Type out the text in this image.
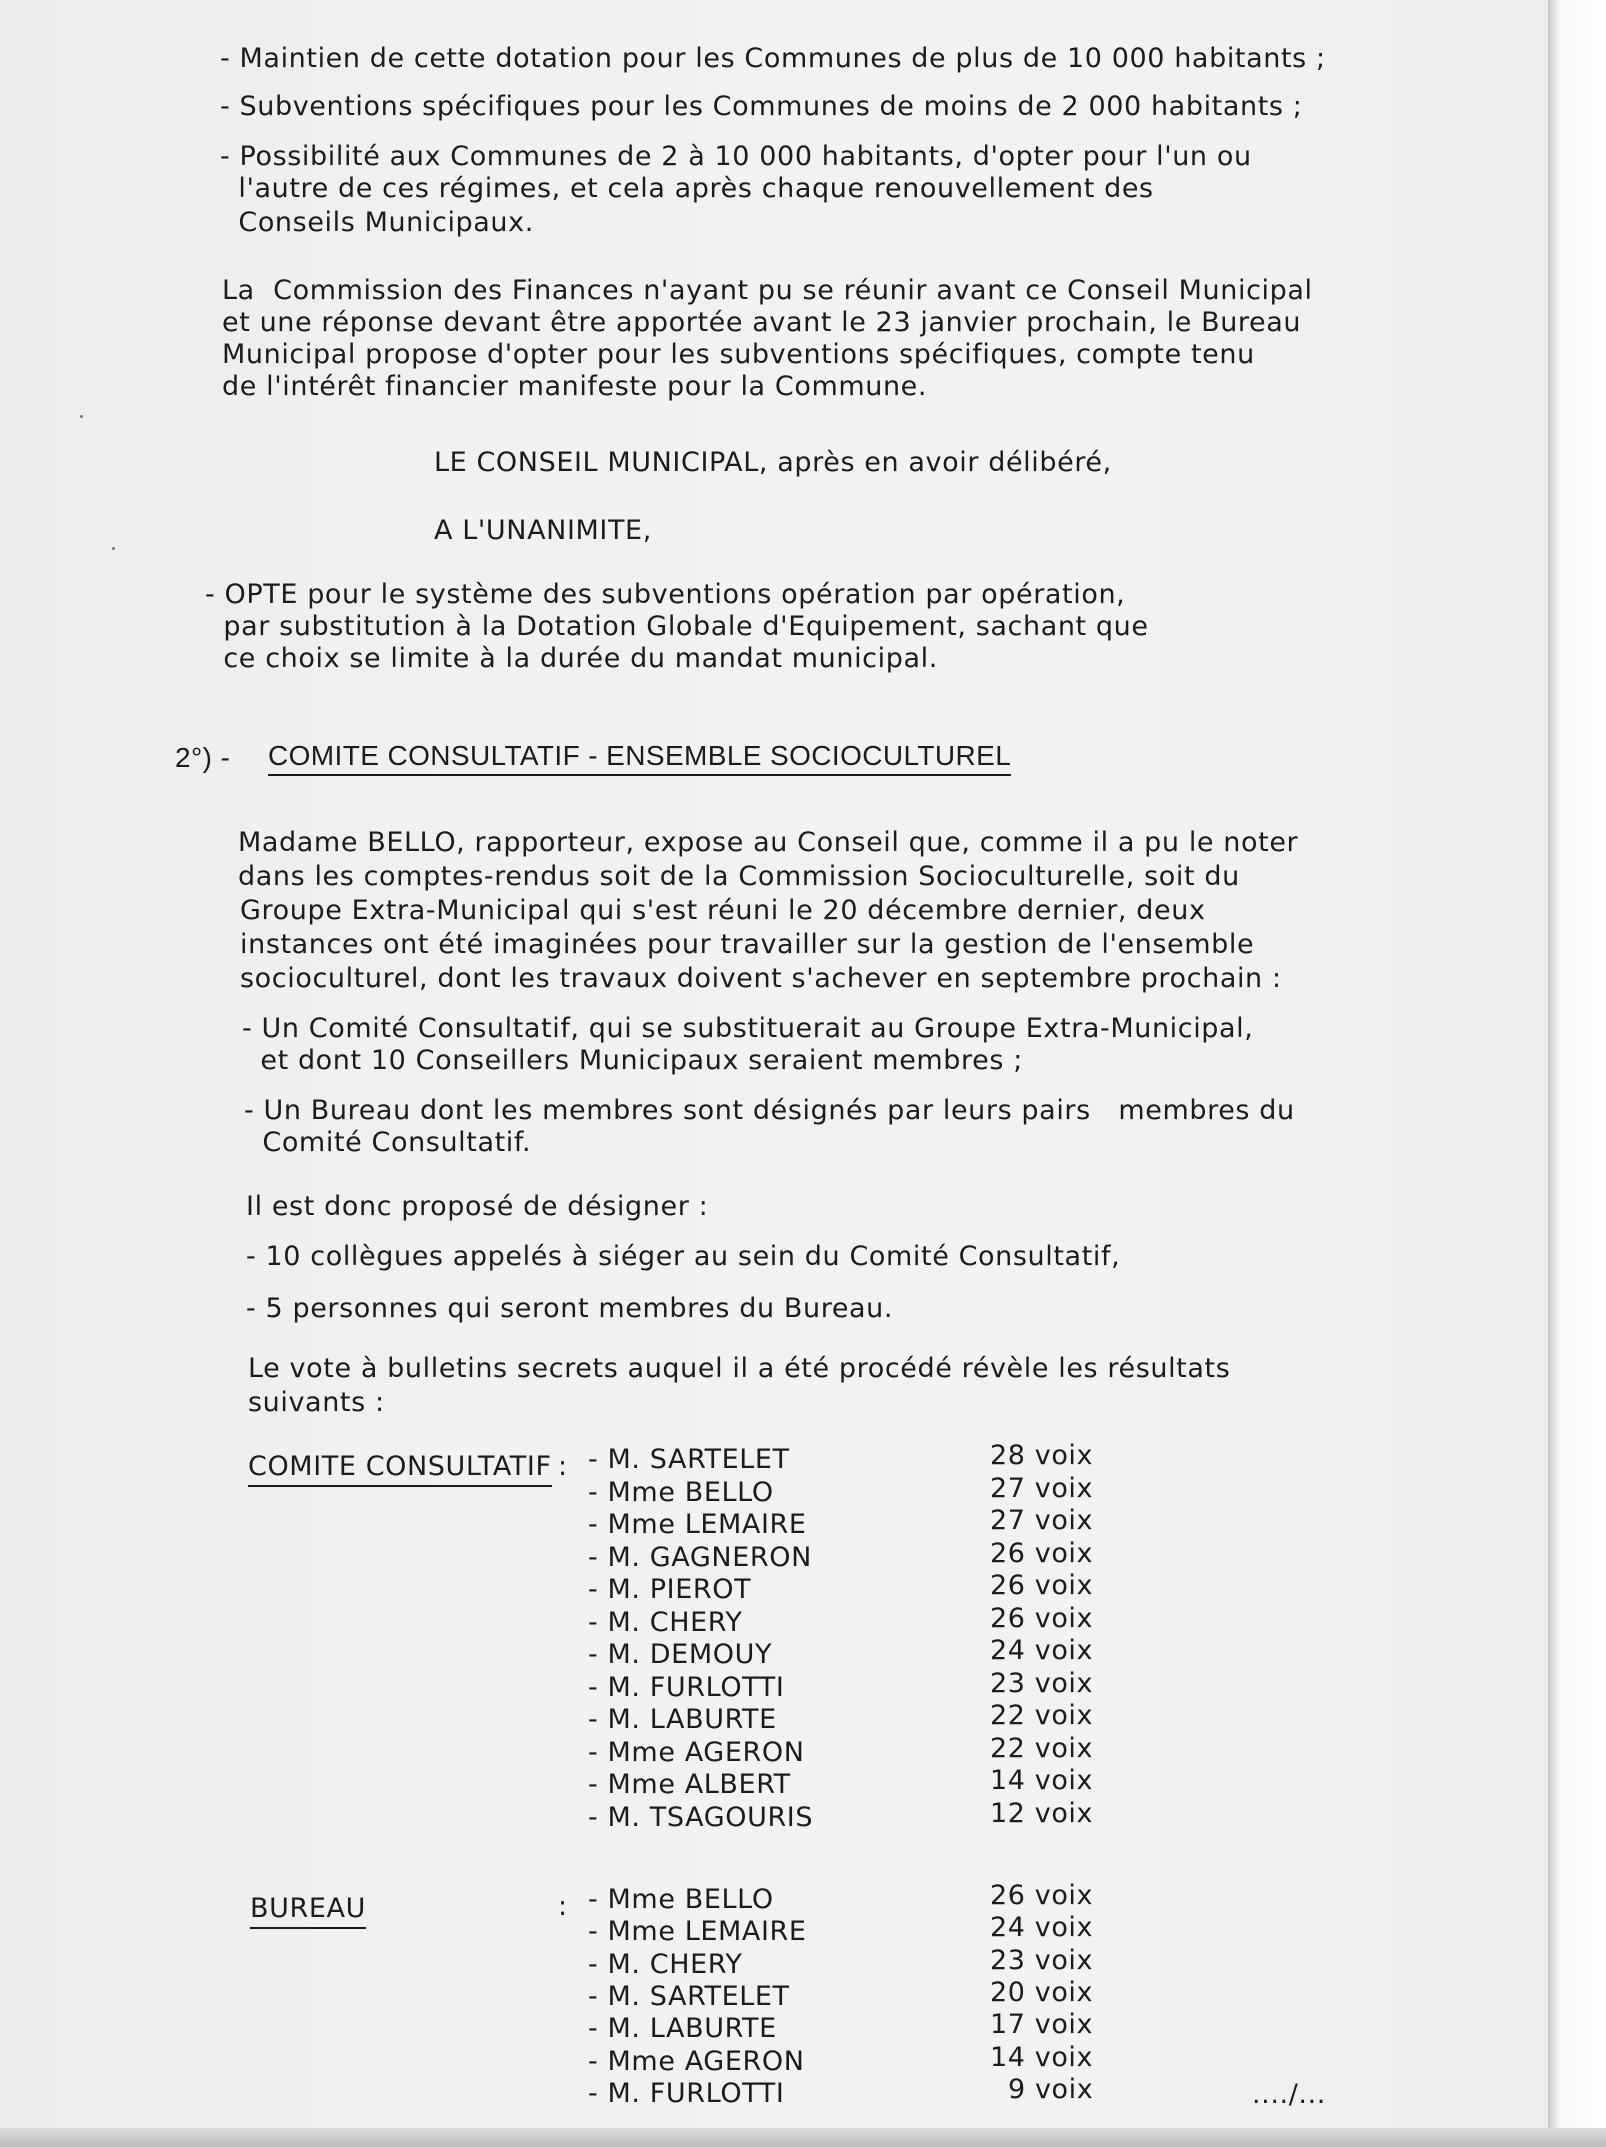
- Maintien de cette dotation pour les Communes de plus de 10 000 habitants ;
- Subventions spécifiques pour les Communes de moins de 2 000 habitants ;
- Possibilité aux Communes de 2 à 10 000 habitants, d'opter pour l'un ou
l'autre de ces régimes, et cela après chaque renouvellement des
Conseils Municipaux.
La  Commission des Finances n'ayant pu se réunir avant ce Conseil Municipal
et une réponse devant être apportée avant le 23 janvier prochain, le Bureau
Municipal propose d'opter pour les subventions spécifiques, compte tenu
de l'intérêt financier manifeste pour la Commune.
LE CONSEIL MUNICIPAL, après en avoir délibéré,
A L'UNANIMITE,
- OPTE pour le système des subventions opération par opération,
par substitution à la Dotation Globale d'Equipement, sachant que
ce choix se limite à la durée du mandat municipal.
2°) - COMITE CONSULTATIF - ENSEMBLE SOCIOCULTUREL
Madame BELLO, rapporteur, expose au Conseil que, comme il a pu le noter
dans les comptes-rendus soit de la Commission Socioculturelle, soit du
Groupe Extra-Municipal qui s'est réuni le 20 décembre dernier, deux
instances ont été imaginées pour travailler sur la gestion de l'ensemble
socioculturel, dont les travaux doivent s'achever en septembre prochain :
- Un Comité Consultatif, qui se substituerait au Groupe Extra-Municipal,
et dont 10 Conseillers Municipaux seraient membres ;
- Un Bureau dont les membres sont désignés par leurs pairs   membres du
Comité Consultatif.
Il est donc proposé de désigner :
- 10 collègues appelés à siéger au sein du Comité Consultatif,
- 5 personnes qui seront membres du Bureau.
Le vote à bulletins secrets auquel il a été procédé révèle les résultats
suivants :
COMITE CONSULTATIF : - M. SARTELET	28 voix
- Mme BELLO	27 voix
- Mme LEMAIRE	27 voix
- M. GAGNERON	26 voix
- M. PIEROT	26 voix
- M. CHERY	26 voix
- M. DEMOUY	24 voix
- M. FURLOTTI	23 voix
- M. LABURTE	22 voix
- Mme AGERON	22 voix
- Mme ALBERT	14 voix
- M. TSAGOURIS	12 voix
BUREAU	: - Mme BELLO	26 voix
- Mme LEMAIRE	24 voix
- M. CHERY	23 voix
- M. SARTELET	20 voix
- M. LABURTE	17 voix
- Mme AGERON	14 voix
- M. FURLOTTI	9 voix	..../...
